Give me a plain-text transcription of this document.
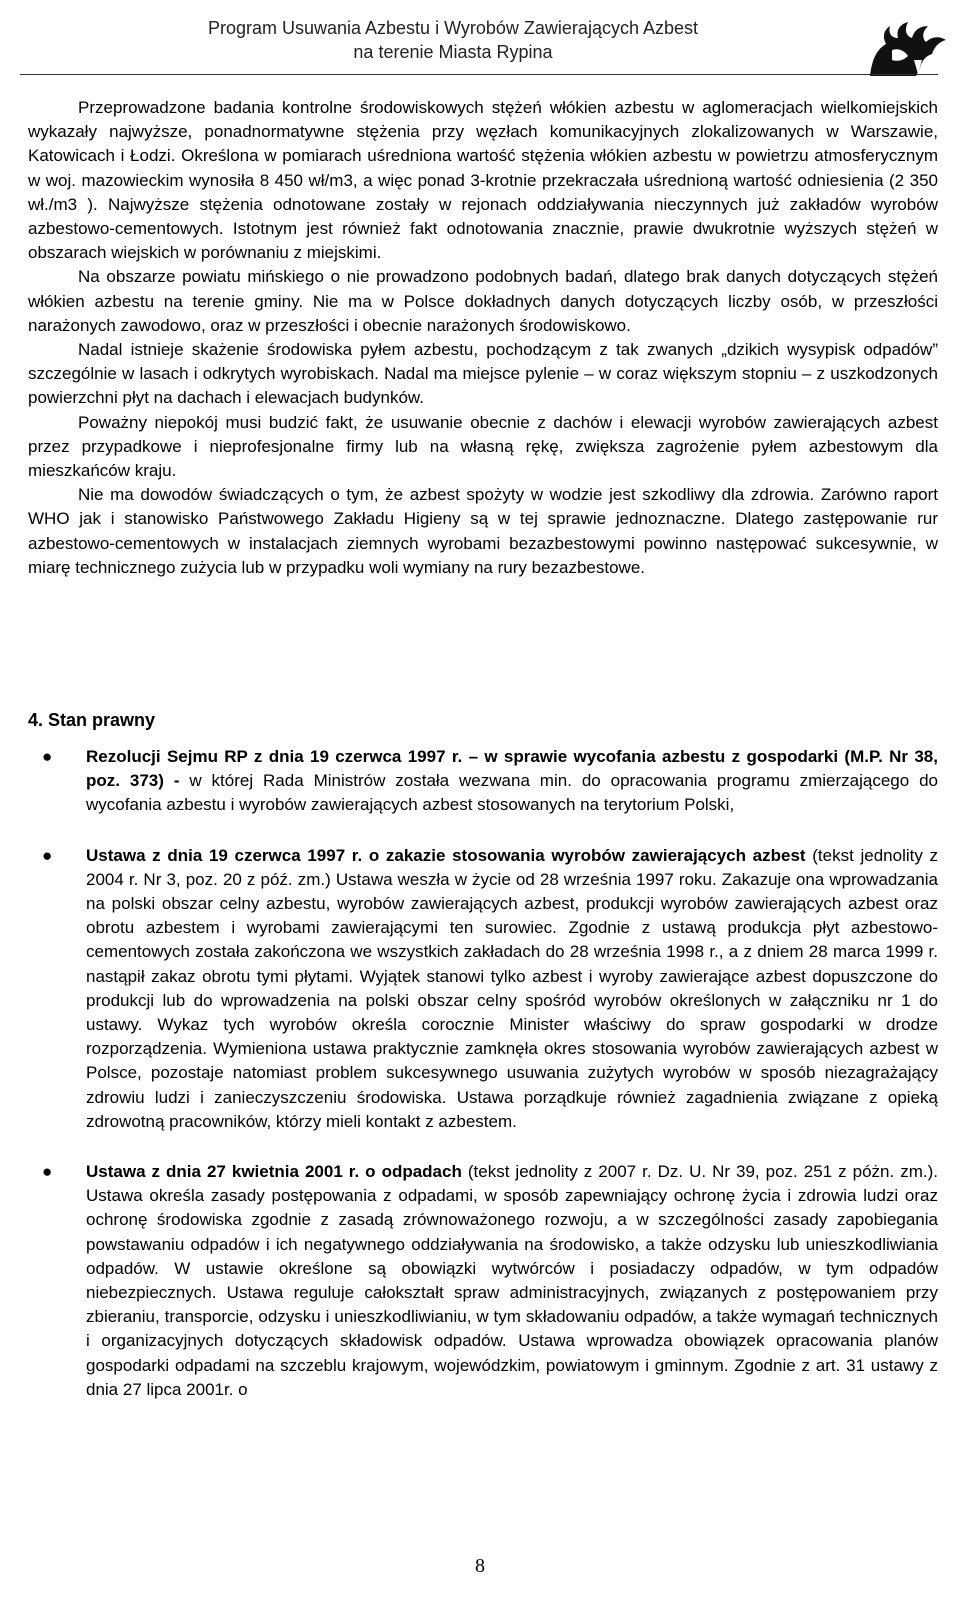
Program Usuwania Azbestu i Wyrobów Zawierających Azbest
na terenie Miasta Rypina

Przeprowadzone badania kontrolne środowiskowych stężeń włókien azbestu w aglomeracjach wielkomiejskich wykazały najwyższe, ponadnormatywne stężenia przy węzłach komunikacyjnych zlokalizowanych w Warszawie, Katowicach i Łodzi. Określona w pomiarach uśredniona wartość stężenia włókien azbestu w powietrzu atmosferycznym w woj. mazowieckim wynosiła 8 450 wł/m3, a więc ponad 3-krotnie przekraczała uśrednioną wartość odniesienia (2 350 wł./m3 ). Najwyższe stężenia odnotowane zostały w rejonach oddziaływania nieczynnych już zakładów wyrobów azbestowo-cementowych. Istotnym jest również fakt odnotowania znacznie, prawie dwukrotnie wyższych stężeń w obszarach wiejskich w porównaniu z miejskimi.

Na obszarze powiatu mińskiego o nie prowadzono podobnych badań, dlatego brak danych dotyczących stężeń włókien azbestu na terenie gminy. Nie ma w Polsce dokładnych danych dotyczących liczby osób, w przeszłości narażonych zawodowo, oraz w przeszłości i obecnie narażonych środowiskowo.

Nadal istnieje skażenie środowiska pyłem azbestu, pochodzącym z tak zwanych „dzikich wysypisk odpadów” szczególnie w lasach i odkrytych wyrobiskach. Nadal ma miejsce pylenie – w coraz większym stopniu – z uszkodzonych powierzchni płyt na dachach i elewacjach budynków.

Poważny niepokój musi budzić fakt, że usuwanie obecnie z dachów i elewacji wyrobów zawierających azbest przez przypadkowe i nieprofesjonalne firmy lub na własną rękę, zwiększa zagrożenie pyłem azbestowym dla mieszkańców kraju.

Nie ma dowodów świadczących o tym, że azbest spożyty w wodzie jest szkodliwy dla zdrowia. Zarówno raport WHO jak i stanowisko Państwowego Zakładu Higieny są w tej sprawie jednoznaczne. Dlatego zastępowanie rur azbestowo-cementowych w instalacjach ziemnych wyrobami bezazbestowymi powinno następować sukcesywnie, w miarę technicznego zużycia lub w przypadku woli wymiany na rury bezazbestowe.

4. Stan prawny
● Rezolucji Sejmu RP z dnia 19 czerwca 1997 r. – w sprawie wycofania azbestu z gospodarki (M.P. Nr 38, poz. 373) - w której Rada Ministrów została wezwana min. do opracowania programu zmierzającego do wycofania azbestu i wyrobów zawierających azbest stosowanych na terytorium Polski,
● Ustawa z dnia 19 czerwca 1997 r. o zakazie stosowania wyrobów zawierających azbest (tekst jednolity z 2004 r. Nr 3, poz. 20 z póź. zm.) Ustawa weszła w życie od 28 września 1997 roku. Zakazuje ona wprowadzania na polski obszar celny azbestu, wyrobów zawierających azbest, produkcji wyrobów zawierających azbest oraz obrotu azbestem i wyrobami zawierającymi ten surowiec. Zgodnie z ustawą produkcja płyt azbestowo-cementowych została zakończona we wszystkich zakładach do 28 września 1998 r., a z dniem 28 marca 1999 r. nastąpił zakaz obrotu tymi płytami. Wyjątek stanowi tylko azbest i wyroby zawierające azbest dopuszczone do produkcji lub do wprowadzenia na polski obszar celny spośród wyrobów określonych w załączniku nr 1 do ustawy. Wykaz tych wyrobów określa corocznie Minister właściwy do spraw gospodarki w drodze rozporządzenia. Wymieniona ustawa praktycznie zamknęła okres stosowania wyrobów zawierających azbest w Polsce, pozostaje natomiast problem sukcesywnego usuwania zużytych wyrobów w sposób niezagrażający zdrowiu ludzi i zanieczyszczeniu środowiska. Ustawa porządkuje również zagadnienia związane z opieką zdrowotną pracowników, którzy mieli kontakt z azbestem.
● Ustawa z dnia 27 kwietnia 2001 r. o odpadach (tekst jednolity z 2007 r. Dz. U. Nr 39, poz. 251 z póżn. zm.). Ustawa określa zasady postępowania z odpadami, w sposób zapewniający ochronę życia i zdrowia ludzi oraz ochronę środowiska zgodnie z zasadą zrównoważonego rozwoju, a w szczególności zasady zapobiegania powstawaniu odpadów i ich negatywnego oddziaływania na środowisko, a także odzysku lub unieszkodliwiania odpadów. W ustawie określone są obowiązki wytwórców i posiadaczy odpadów, w tym odpadów niebezpiecznych. Ustawa reguluje całokształt spraw administracyjnych, związanych z postępowaniem przy zbieraniu, transporcie, odzysku i unieszkodliwianiu, w tym składowaniu odpadów, a także wymagań technicznych i organizacyjnych dotyczących składowisk odpadów. Ustawa wprowadza obowiązek opracowania planów gospodarki odpadami na szczeblu krajowym, wojewódzkim, powiatowym i gminnym. Zgodnie z art. 31 ustawy z dnia 27 lipca 2001r. o
8
